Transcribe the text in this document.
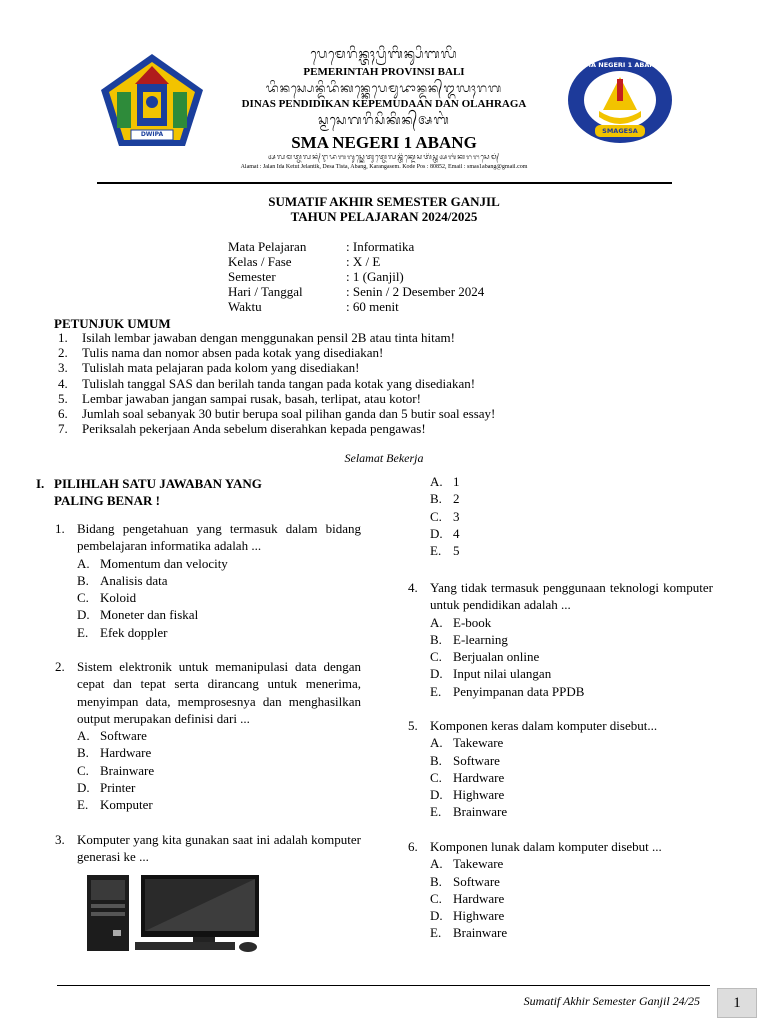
DWIPA
SMA NEGERI 1 ABANG
SMAGESA
ᬧᬾᬫᬾᬭᬶᬦ᭄ᬢᬄᬧ᭄ᬭᬶᬩᬶᬦ᭄ᬲᬶᬩᬮᬶ
PEMERINTAH PROVINSI BALI
ᬤᬶᬦᬲ᭄ᬧᬾᬦ᭄ᬤᬶᬤᬶᬓᬦ᭄ᬓᬾᬧᬾᬫᬸᬤᬵᬦ᭄ᬤᬦ᭄ᬑᬮᬄᬭᬕ
DINAS PENDIDIKAN KEPEMUDAAN DAN OLAHRAGA
ᬲ᭄ᬫᬲᬾᬕᬭᬶᬲᬶᬓᬶᬦ᭄ᬅᬩᬂ
SMA NEGERI 1 ABANG
ᬅᬮᬫᬢ᭄ᬚᬮᬦ᭄ᬇᬤᬩᬕᬸᬲ᭄ᬓᬾᬢᬸᬢ᭄ᬚᬾᬮᬦ᭄ᬢᬶᬓ᭄ᬤᬾᬲᬢᬶᬲ᭄ᬢᬅᬩᬂᬓᬭᬗᬲᬾᬫ᭄
Alamat : Jalan Ida Ketut Jelantik, Desa Tista, Abang, Karangasem. Kode Pos : 80852, Email : smas1abang@gmail.com
SUMATIF AKHIR SEMESTER GANJIL
TAHUN PELAJARAN 2024/2025
Mata Pelajaran	: Informatika
Kelas / Fase	: X / E
Semester	: 1 (Ganjil)
Hari / Tanggal	: Senin / 2 Desember 2024
Waktu	: 60 menit
PETUNJUK UMUM
1.	Isilah lembar jawaban dengan menggunakan pensil 2B atau tinta hitam!
2.	Tulis nama dan nomor absen pada kotak yang disediakan!
3.	Tulislah mata pelajaran pada kolom yang disediakan!
4.	Tulislah tanggal SAS dan berilah tanda tangan pada kotak yang disediakan!
5.	Lembar jawaban jangan sampai rusak, basah, terlipat, atau kotor!
6.	Jumlah soal sebanyak 30 butir berupa soal pilihan ganda dan 5 butir soal essay!
7.	Periksalah pekerjaan Anda sebelum diserahkan kepada pengawas!
Selamat Bekerja
I. PILIHLAH SATU JAWABAN YANG
PALING BENAR !
1. Bidang pengetahuan yang termasuk dalam bidang pembelajaran informatika adalah ...
A. Momentum dan velocity
B. Analisis data
C. Koloid
D. Moneter dan fiskal
E. Efek doppler
2. Sistem elektronik untuk memanipulasi data dengan cepat dan tepat serta dirancang untuk menerima, menyimpan data, memprosesnya dan menghasilkan output merupakan definisi dari ...
A. Software
B. Hardware
C. Brainware
D. Printer
E. Komputer
3. Komputer yang kita gunakan saat ini adalah komputer generasi ke ...
A. 1
B. 2
C. 3
D. 4
E. 5
4. Yang tidak termasuk penggunaan teknologi komputer untuk pendidikan adalah ...
A. E-book
B. E-learning
C. Berjualan online
D. Input nilai ulangan
E. Penyimpanan data PPDB
5. Komponen keras dalam komputer disebut...
A. Takeware
B. Software
C. Hardware
D. Highware
E. Brainware
6. Komponen lunak dalam komputer disebut ...
A. Takeware
B. Software
C. Hardware
D. Highware
E. Brainware
Sumatif Akhir Semester Ganjil 24/25	1
